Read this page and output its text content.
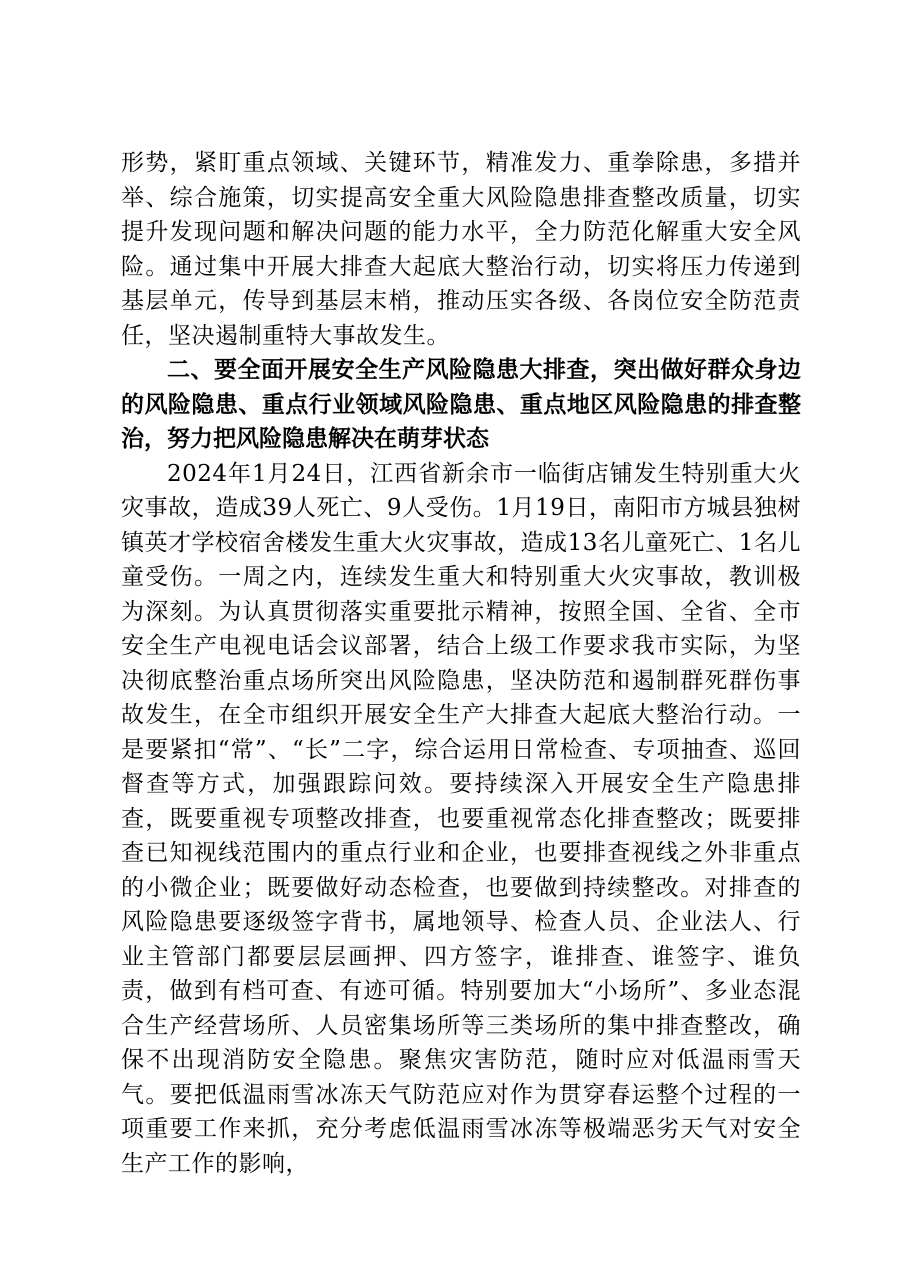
形势，紧盯重点领域、关键环节，精准发力、重拳除患，多措并举、综合施策，切实提高安全重大风险隐患排查整改质量，切实提升发现问题和解决问题的能力水平，全力防范化解重大安全风险。通过集中开展大排查大起底大整治行动，切实将压力传递到基层单元，传导到基层末梢，推动压实各级、各岗位安全防范责任，坚决遏制重特大事故发生。

二、要全面开展安全生产风险隐患大排查，突出做好群众身边的风险隐患、重点行业领域风险隐患、重点地区风险隐患的排查整治，努力把风险隐患解决在萌芽状态

2024年1月24日，江西省新余市一临街店铺发生特别重大火灾事故，造成39人死亡、9人受伤。1月19日，南阳市方城县独树镇英才学校宿舍楼发生重大火灾事故，造成13名儿童死亡、1名儿童受伤。一周之内，连续发生重大和特别重大火灾事故，教训极为深刻。为认真贯彻落实重要批示精神，按照全国、全省、全市安全生产电视电话会议部署，结合上级工作要求我市实际，为坚决彻底整治重点场所突出风险隐患，坚决防范和遏制群死群伤事故发生，在全市组织开展安全生产大排查大起底大整治行动。一是要紧扣“常”、“长”二字，综合运用日常检查、专项抽查、巡回督查等方式，加强跟踪问效。要持续深入开展安全生产隐患排查，既要重视专项整改排查，也要重视常态化排查整改；既要排查已知视线范围内的重点行业和企业，也要排查视线之外非重点的小微企业；既要做好动态检查，也要做到持续整改。对排查的风险隐患要逐级签字背书，属地领导、检查人员、企业法人、行业主管部门都要层层画押、四方签字，谁排查、谁签字、谁负责，做到有档可查、有迹可循。特别要加大“小场所”、多业态混合生产经营场所、人员密集场所等三类场所的集中排查整改，确保不出现消防安全隐患。聚焦灾害防范，随时应对低温雨雪天气。要把低温雨雪冰冻天气防范应对作为贯穿春运整个过程的一项重要工作来抓，充分考虑低温雨雪冰冻等极端恶劣天气对安全生产工作的影响，
